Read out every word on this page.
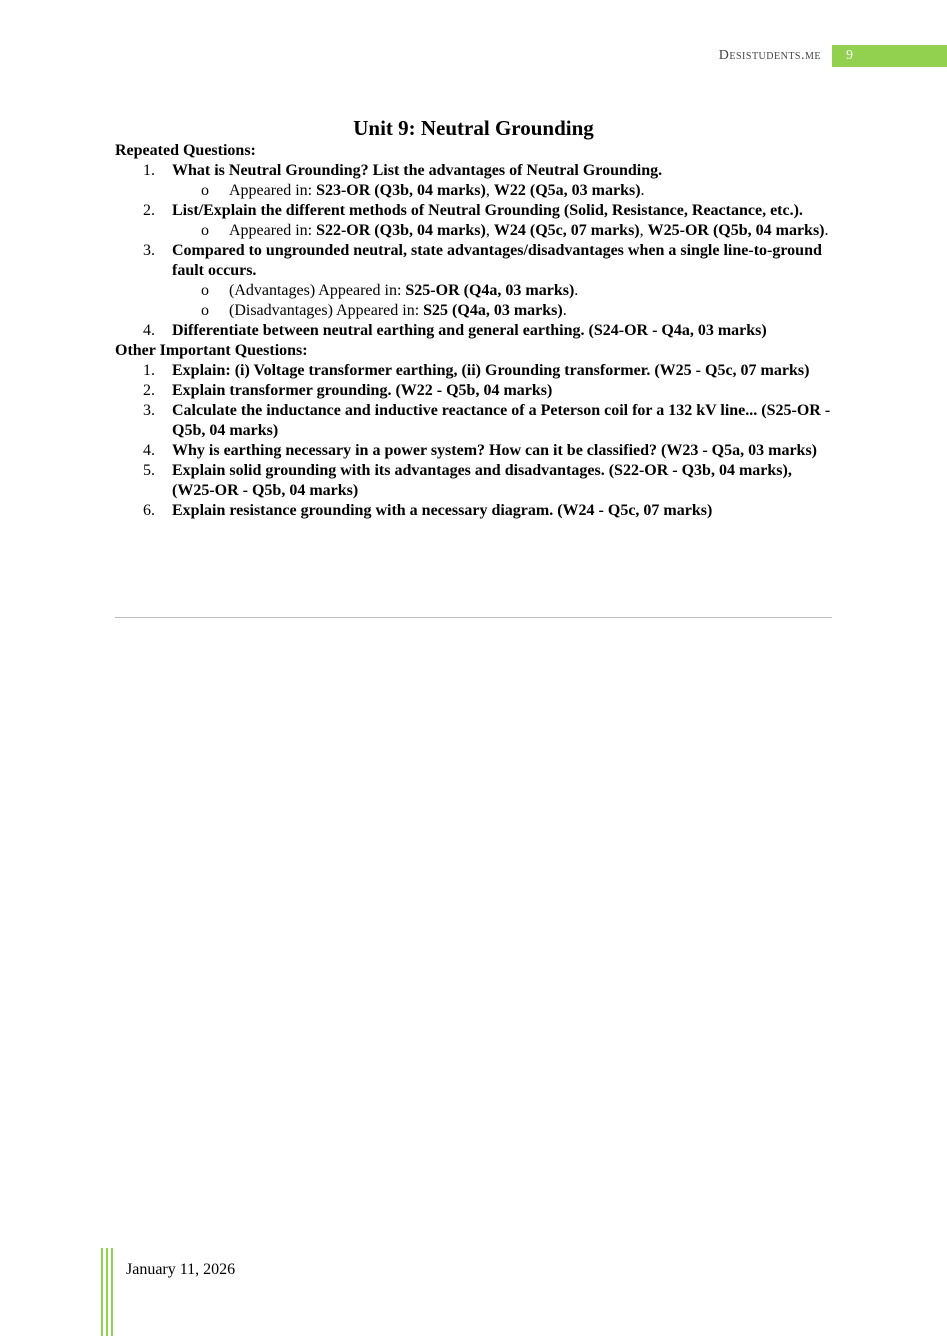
Desistudents.me	9
Unit 9: Neutral Grounding
Repeated Questions:
1. What is Neutral Grounding? List the advantages of Neutral Grounding.
o Appeared in: S23-OR (Q3b, 04 marks), W22 (Q5a, 03 marks).
2. List/Explain the different methods of Neutral Grounding (Solid, Resistance, Reactance, etc.).
o Appeared in: S22-OR (Q3b, 04 marks), W24 (Q5c, 07 marks), W25-OR (Q5b, 04 marks).
3. Compared to ungrounded neutral, state advantages/disadvantages when a single line-to-ground fault occurs.
o (Advantages) Appeared in: S25-OR (Q4a, 03 marks).
o (Disadvantages) Appeared in: S25 (Q4a, 03 marks).
4. Differentiate between neutral earthing and general earthing. (S24-OR - Q4a, 03 marks)
Other Important Questions:
1. Explain: (i) Voltage transformer earthing, (ii) Grounding transformer. (W25 - Q5c, 07 marks)
2. Explain transformer grounding. (W22 - Q5b, 04 marks)
3. Calculate the inductance and inductive reactance of a Peterson coil for a 132 kV line... (S25-OR - Q5b, 04 marks)
4. Why is earthing necessary in a power system? How can it be classified? (W23 - Q5a, 03 marks)
5. Explain solid grounding with its advantages and disadvantages. (S22-OR - Q3b, 04 marks), (W25-OR - Q5b, 04 marks)
6. Explain resistance grounding with a necessary diagram. (W24 - Q5c, 07 marks)
January 11, 2026
